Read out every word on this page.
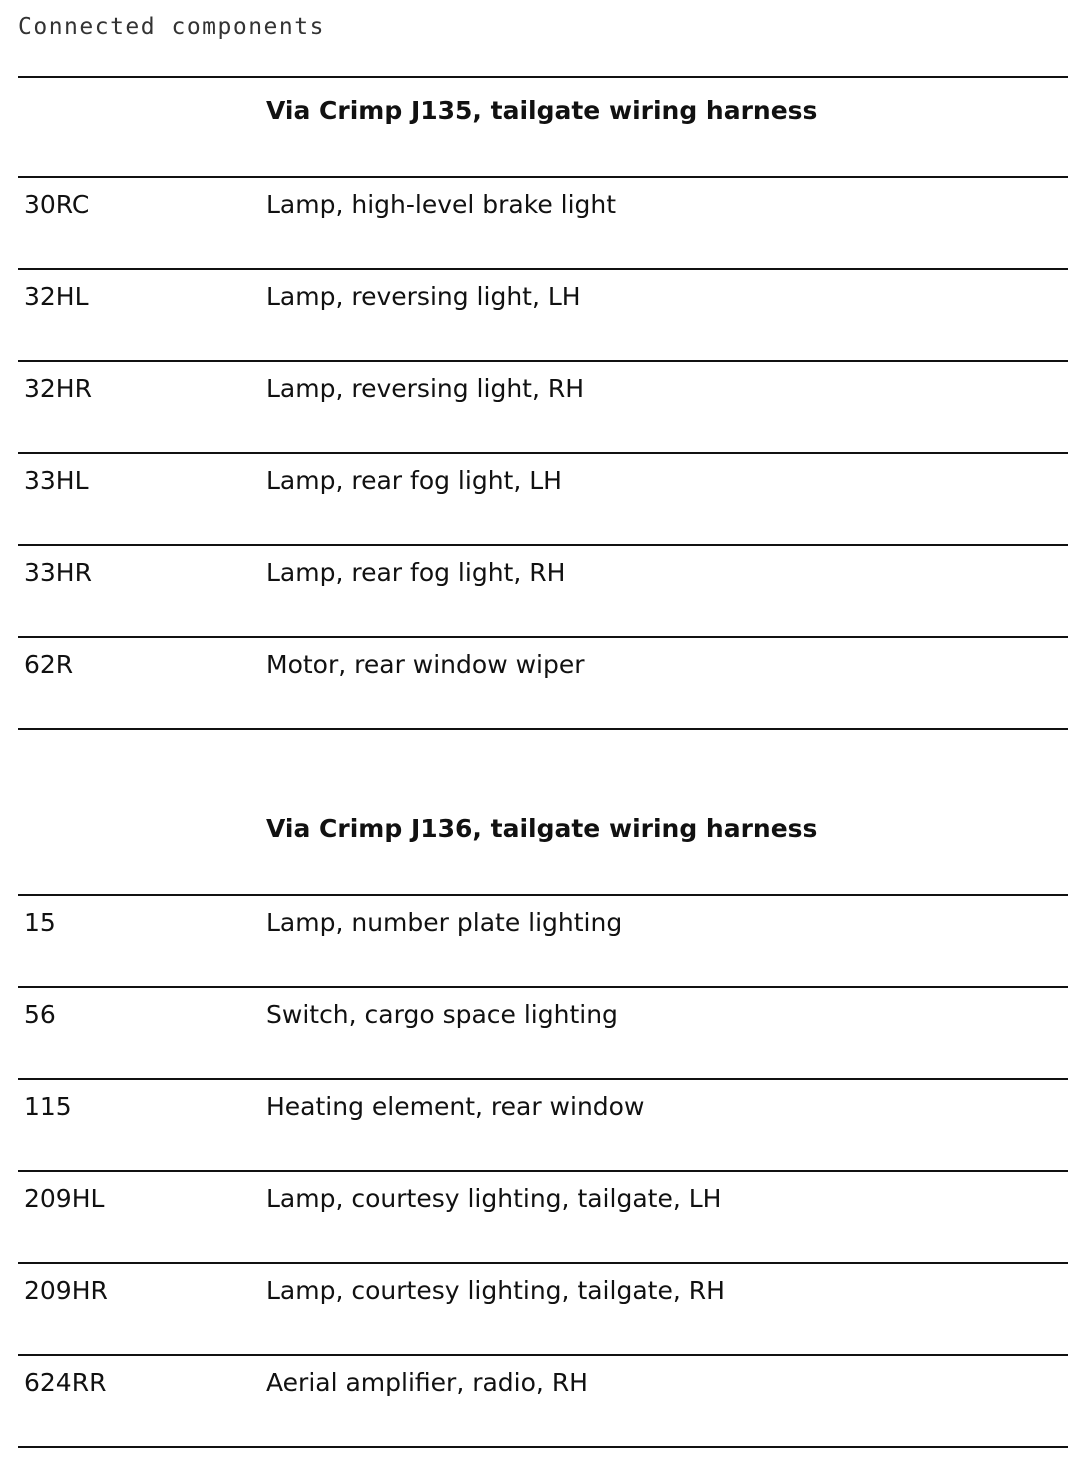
Connected components
Via Crimp J135, tailgate wiring harness
30RC	Lamp, high-level brake light
32HL	Lamp, reversing light, LH
32HR	Lamp, reversing light, RH
33HL	Lamp, rear fog light, LH
33HR	Lamp, rear fog light, RH
62R	Motor, rear window wiper
Via Crimp J136, tailgate wiring harness
15	Lamp, number plate lighting
56	Switch, cargo space lighting
115	Heating element, rear window
209HL	Lamp, courtesy lighting, tailgate, LH
209HR	Lamp, courtesy lighting, tailgate, RH
624RR	Aerial amplifier, radio, RH
